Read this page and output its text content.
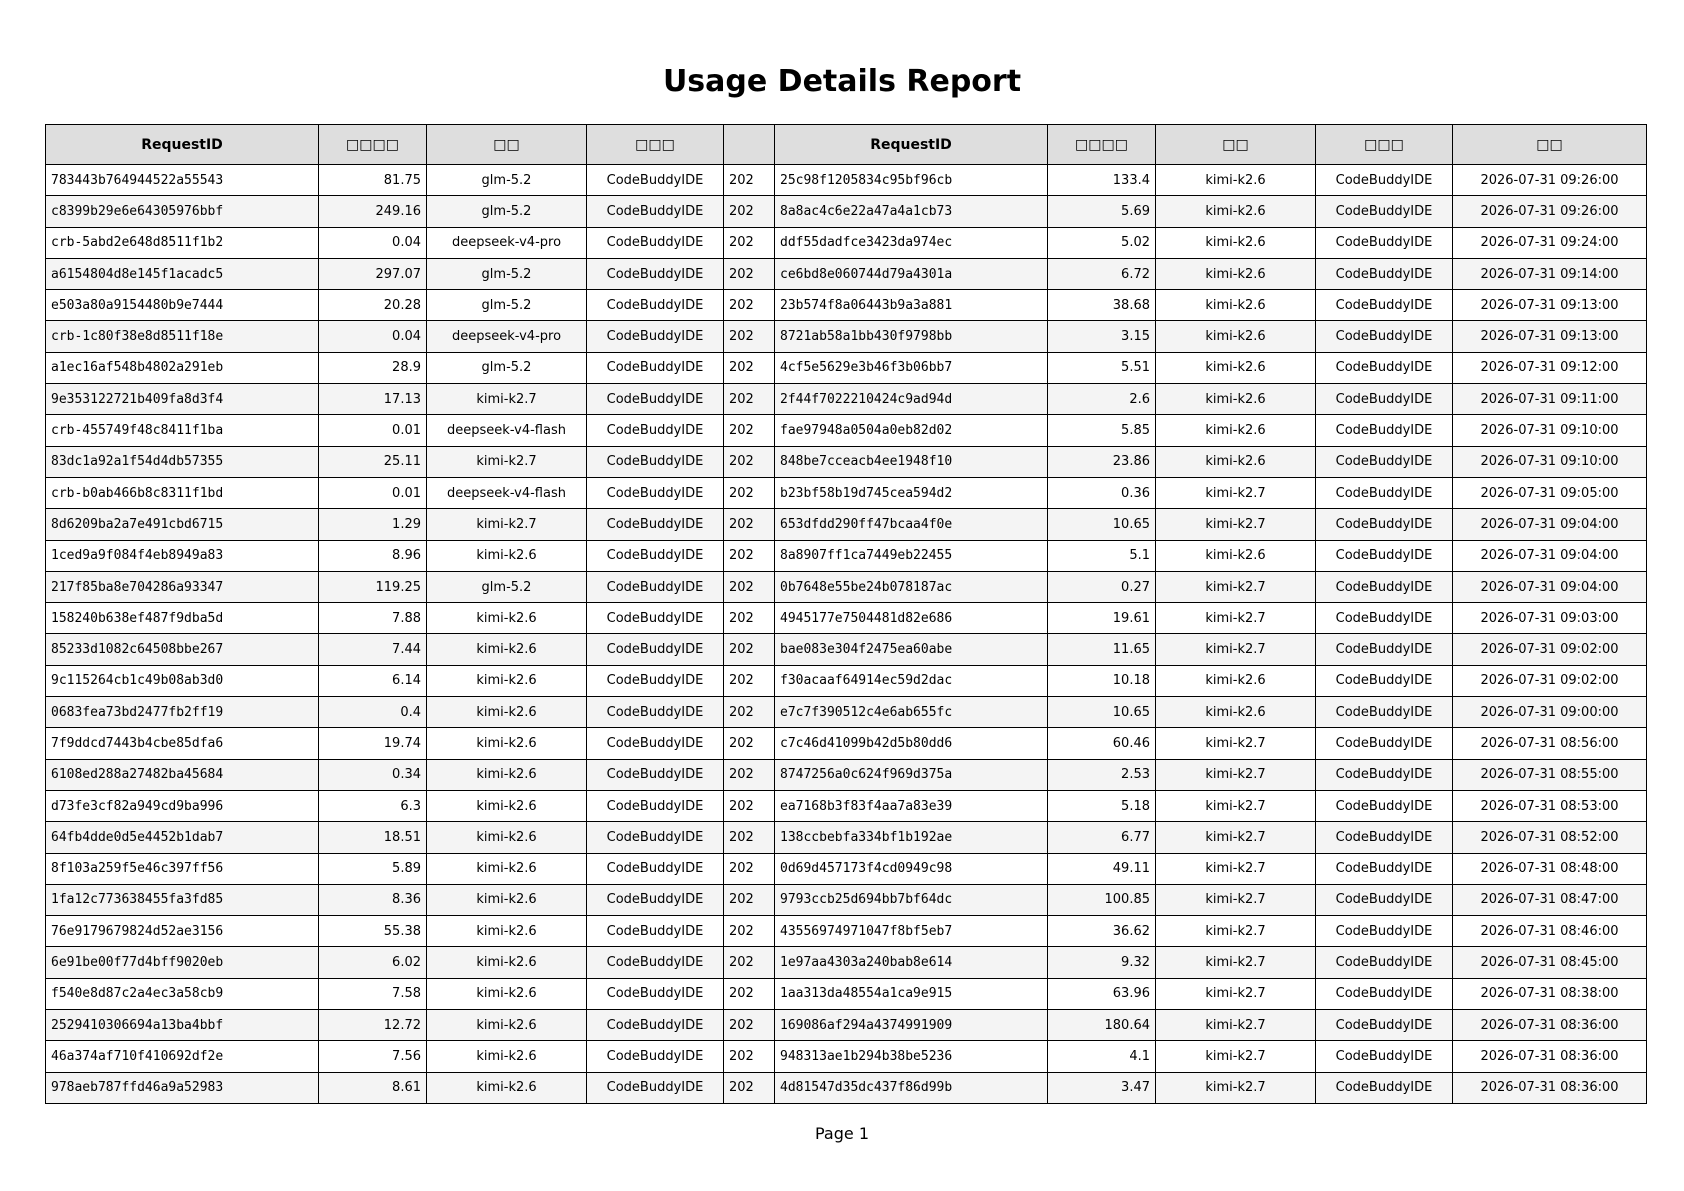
Usage Details Report
RequestID	□□□□	□□	□□□		RequestID	□□□□	□□	□□□	□□
783443b764944522a55543	81.75	glm-5.2	CodeBuddyIDE	202	25c98f1205834c95bf96cb	133.4	kimi-k2.6	CodeBuddyIDE	2026-07-31 09:26:00
c8399b29e6e64305976bbf	249.16	glm-5.2	CodeBuddyIDE	202	8a8ac4c6e22a47a4a1cb73	5.69	kimi-k2.6	CodeBuddyIDE	2026-07-31 09:26:00
crb-5abd2e648d8511f1b2	0.04	deepseek-v4-pro	CodeBuddyIDE	202	ddf55dadfce3423da974ec	5.02	kimi-k2.6	CodeBuddyIDE	2026-07-31 09:24:00
a6154804d8e145f1acadc5	297.07	glm-5.2	CodeBuddyIDE	202	ce6bd8e060744d79a4301a	6.72	kimi-k2.6	CodeBuddyIDE	2026-07-31 09:14:00
e503a80a9154480b9e7444	20.28	glm-5.2	CodeBuddyIDE	202	23b574f8a06443b9a3a881	38.68	kimi-k2.6	CodeBuddyIDE	2026-07-31 09:13:00
crb-1c80f38e8d8511f18e	0.04	deepseek-v4-pro	CodeBuddyIDE	202	8721ab58a1bb430f9798bb	3.15	kimi-k2.6	CodeBuddyIDE	2026-07-31 09:13:00
a1ec16af548b4802a291eb	28.9	glm-5.2	CodeBuddyIDE	202	4cf5e5629e3b46f3b06bb7	5.51	kimi-k2.6	CodeBuddyIDE	2026-07-31 09:12:00
9e353122721b409fa8d3f4	17.13	kimi-k2.7	CodeBuddyIDE	202	2f44f7022210424c9ad94d	2.6	kimi-k2.6	CodeBuddyIDE	2026-07-31 09:11:00
crb-455749f48c8411f1ba	0.01	deepseek-v4-flash	CodeBuddyIDE	202	fae97948a0504a0eb82d02	5.85	kimi-k2.6	CodeBuddyIDE	2026-07-31 09:10:00
83dc1a92a1f54d4db57355	25.11	kimi-k2.7	CodeBuddyIDE	202	848be7cceacb4ee1948f10	23.86	kimi-k2.6	CodeBuddyIDE	2026-07-31 09:10:00
crb-b0ab466b8c8311f1bd	0.01	deepseek-v4-flash	CodeBuddyIDE	202	b23bf58b19d745cea594d2	0.36	kimi-k2.7	CodeBuddyIDE	2026-07-31 09:05:00
8d6209ba2a7e491cbd6715	1.29	kimi-k2.7	CodeBuddyIDE	202	653dfdd290ff47bcaa4f0e	10.65	kimi-k2.7	CodeBuddyIDE	2026-07-31 09:04:00
1ced9a9f084f4eb8949a83	8.96	kimi-k2.6	CodeBuddyIDE	202	8a8907ff1ca7449eb22455	5.1	kimi-k2.6	CodeBuddyIDE	2026-07-31 09:04:00
217f85ba8e704286a93347	119.25	glm-5.2	CodeBuddyIDE	202	0b7648e55be24b078187ac	0.27	kimi-k2.7	CodeBuddyIDE	2026-07-31 09:04:00
158240b638ef487f9dba5d	7.88	kimi-k2.6	CodeBuddyIDE	202	4945177e7504481d82e686	19.61	kimi-k2.7	CodeBuddyIDE	2026-07-31 09:03:00
85233d1082c64508bbe267	7.44	kimi-k2.6	CodeBuddyIDE	202	bae083e304f2475ea60abe	11.65	kimi-k2.7	CodeBuddyIDE	2026-07-31 09:02:00
9c115264cb1c49b08ab3d0	6.14	kimi-k2.6	CodeBuddyIDE	202	f30acaaf64914ec59d2dac	10.18	kimi-k2.6	CodeBuddyIDE	2026-07-31 09:02:00
0683fea73bd2477fb2ff19	0.4	kimi-k2.6	CodeBuddyIDE	202	e7c7f390512c4e6ab655fc	10.65	kimi-k2.6	CodeBuddyIDE	2026-07-31 09:00:00
7f9ddcd7443b4cbe85dfa6	19.74	kimi-k2.6	CodeBuddyIDE	202	c7c46d41099b42d5b80dd6	60.46	kimi-k2.7	CodeBuddyIDE	2026-07-31 08:56:00
6108ed288a27482ba45684	0.34	kimi-k2.6	CodeBuddyIDE	202	8747256a0c624f969d375a	2.53	kimi-k2.7	CodeBuddyIDE	2026-07-31 08:55:00
d73fe3cf82a949cd9ba996	6.3	kimi-k2.6	CodeBuddyIDE	202	ea7168b3f83f4aa7a83e39	5.18	kimi-k2.7	CodeBuddyIDE	2026-07-31 08:53:00
64fb4dde0d5e4452b1dab7	18.51	kimi-k2.6	CodeBuddyIDE	202	138ccbebfa334bf1b192ae	6.77	kimi-k2.7	CodeBuddyIDE	2026-07-31 08:52:00
8f103a259f5e46c397ff56	5.89	kimi-k2.6	CodeBuddyIDE	202	0d69d457173f4cd0949c98	49.11	kimi-k2.7	CodeBuddyIDE	2026-07-31 08:48:00
1fa12c773638455fa3fd85	8.36	kimi-k2.6	CodeBuddyIDE	202	9793ccb25d694bb7bf64dc	100.85	kimi-k2.7	CodeBuddyIDE	2026-07-31 08:47:00
76e9179679824d52ae3156	55.38	kimi-k2.6	CodeBuddyIDE	202	43556974971047f8bf5eb7	36.62	kimi-k2.7	CodeBuddyIDE	2026-07-31 08:46:00
6e91be00f77d4bff9020eb	6.02	kimi-k2.6	CodeBuddyIDE	202	1e97aa4303a240bab8e614	9.32	kimi-k2.7	CodeBuddyIDE	2026-07-31 08:45:00
f540e8d87c2a4ec3a58cb9	7.58	kimi-k2.6	CodeBuddyIDE	202	1aa313da48554a1ca9e915	63.96	kimi-k2.7	CodeBuddyIDE	2026-07-31 08:38:00
2529410306694a13ba4bbf	12.72	kimi-k2.6	CodeBuddyIDE	202	169086af294a4374991909	180.64	kimi-k2.7	CodeBuddyIDE	2026-07-31 08:36:00
46a374af710f410692df2e	7.56	kimi-k2.6	CodeBuddyIDE	202	948313ae1b294b38be5236	4.1	kimi-k2.7	CodeBuddyIDE	2026-07-31 08:36:00
978aeb787ffd46a9a52983	8.61	kimi-k2.6	CodeBuddyIDE	202	4d81547d35dc437f86d99b	3.47	kimi-k2.7	CodeBuddyIDE	2026-07-31 08:36:00
Page 1
